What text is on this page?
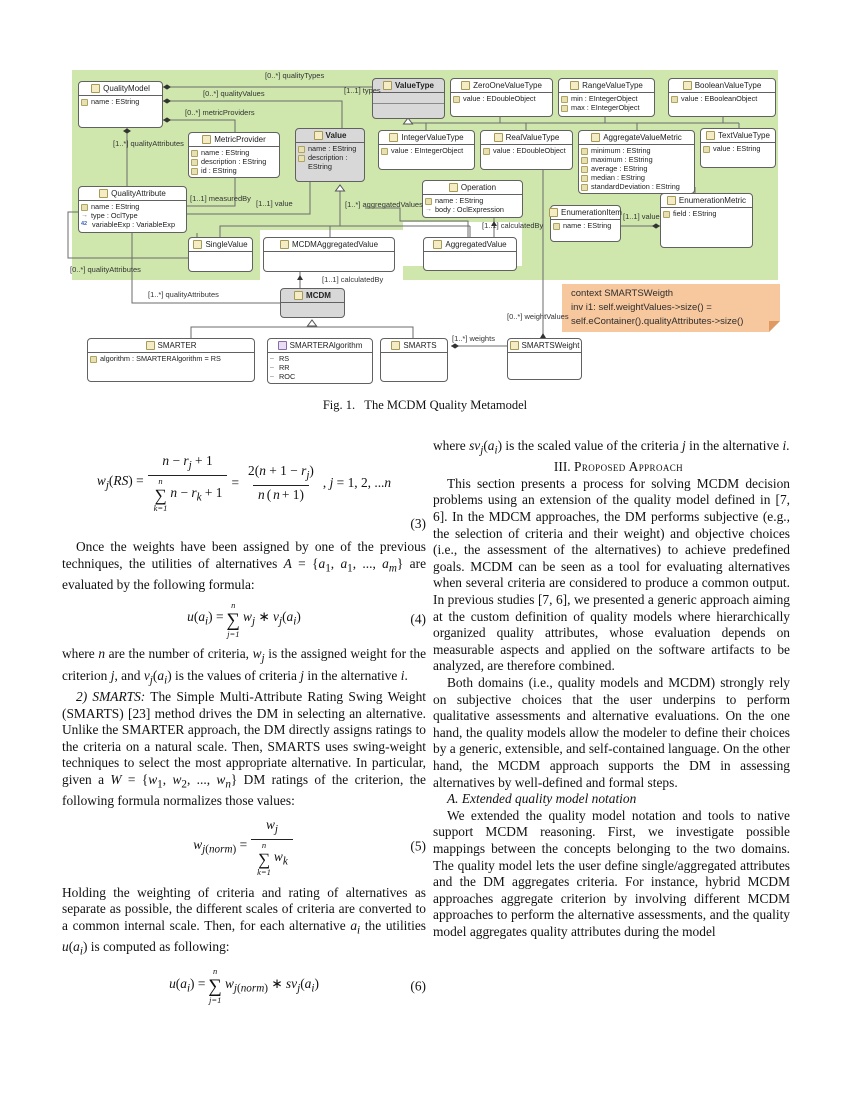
context SMARTSWeigth
inv i1: self.weightValues->size() =
self.eContainer().qualityAttributes->size()
QualityModel
name : EString
ValueType	ZeroOneValueType
value : EDoubleObject
RangeValueType
min : EIntegerObject
max : EIntegerObject
BooleanValueType
value : EBooleanObject
MetricProvider
name : EString
description : EString
id : EString
Value
name : EString
description : EString
IntegerValueType
value : EIntegerObject
RealValueType
value : EDoubleObject
AggregateValueMetric
minimum : EString
maximum : EString
average : EString
median : EString
standardDeviation : EString
TextValueType
value : EString
QualityAttribute
name : EString
→ type : OclType
42 variableExp : VariableExp
Operation
name : EString
→ body : OclExpression	EnumerationItem
name : EString
EnumerationMetric
field : EString
SingleValue	MCDMAggregatedValue	AggregatedValue
MCDM
SMARTER
algorithm : SMARTERAlgorithm = RS
SMARTERAlgorithm
– RS
– RR
– ROC
SMARTS	SMARTSWeight
[0..*] qualityTypes
[0..*] qualityValues	[1..1] types
[0..*] metricProviders
[1..*] qualityAttributes
[1..1] measuredBy
[1..1] value	[1..*] aggregatedValues
[1..1] calculatedBy
[1..1] value
[0..*] qualityAttributes
[1..*] qualityAttributes
[1..1] calculatedBy
[0..*] weightValues
[1..*] weights
Fig. 1.   The MCDM Quality Metamodel
$w_j(RS)$ =
$n - r_j + 1$
n
∑
k=1
$n - r_k + 1$
= $\frac{2(n + 1 - r_j)}{n ( n + 1)}$ , j = 1, 2, ...n
(3)

Once the weights have been assigned by one of the previous techniques, the utilities of alternatives $A = \{a_1$, $a_1$, ..., $a_m$} are evaluated by the following formula:

$u(a_i)$ =
n
∑
j=1
$w_j$ ∗ $v_j(a_i)$	(4)

where n are the number of criteria, $w_j$ is the assigned weight for the criterion j, and $v_j(a_i)$ is the values of criteria j in the alternative i.

2) SMARTS: The Simple Multi-Attribute Rating Swing Weight (SMARTS) [23] method drives the DM in selecting an alternative. Unlike the SMARTER approach, the DM directly assigns ratings to the criteria on a natural scale. Then, SMARTS uses swing-weight techniques to select the most appropriate alternative. In particular, given a $W = \{w_1$, $w_2$, ..., $w_n$} DM ratings of the criterion, the following formula normalizes those values:

$w_{j(norm)}$ =
$w_j$
n
∑
k=1
$w_k$
(5)

Holding the weighting of criteria and rating of alternatives as separate as possible, the different scales of criteria are converted to a common internal scale. Then, for each alternative $a_i$ the utilities $u(a_i)$ is computed as following:

$u(a_i)$ =
n
∑
j=1
$w_{j(norm)}$ ∗ $sv_j(a_i)$	(6)

where $sv_j(a_i)$ is the scaled value of the criteria j in the alternative i.

III. Proposed Approach

This section presents a process for solving MCDM decision problems using an extension of the quality model defined in [7, 6]. In the MDCM approaches, the DM performs subjective (e.g., the selection of criteria and their weight) and objective choices (i.e., the assessment of the alternatives) to achieve predefined goals. MCDM can be seen as a tool for evaluating alternatives when several criteria are considered to produce a common output. In previous studies [7, 6], we presented a generic approach aiming at the custom definition of quality models where hierarchically organized quality attributes, whose evaluation depends on measurable aspects and applied on the software artifacts to be analyzed, are therefore combined.

Both domains (i.e., quality models and MCDM) strongly rely on subjective choices that the user underpins to perform qualitative assessments and alternative evaluations. On the one hand, the quality models allow the modeler to define their choices by a generic, extensible, and self-contained language. On the other hand, the MCDM approach supports the DM in assessing alternatives by well-defined and formal steps.

A. Extended quality model notation

We extended the quality model notation and tools to native support MCDM reasoning. First, we investigate possible mappings between the concepts belonging to the two domains. The quality model lets the user define single/aggregated attributes and the DM aggregates criteria. For instance, hybrid MCDM approaches aggregate criterion by involving different MCDM approaches to perform the alternative assessments, and the quality model aggregates quality attributes during the model
